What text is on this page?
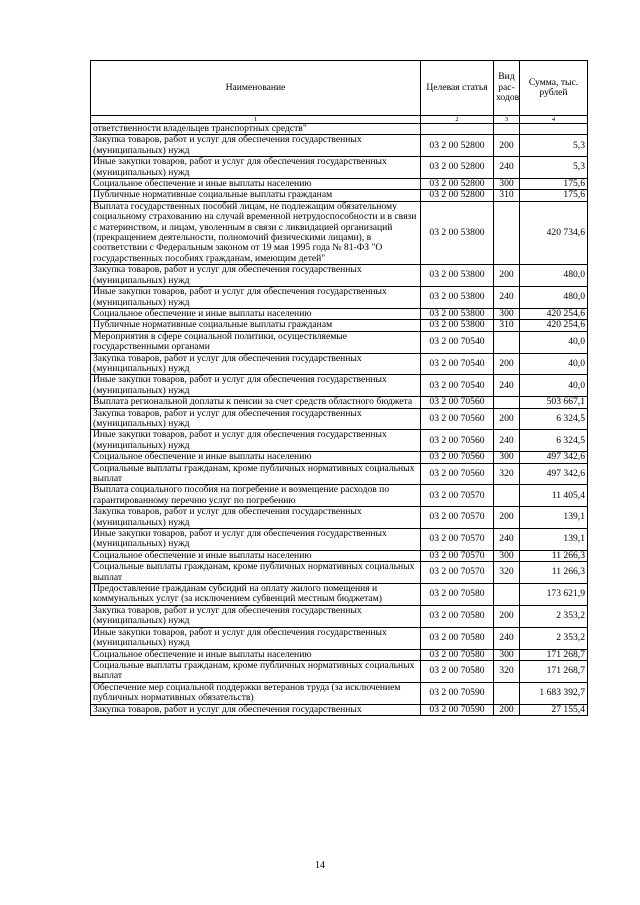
Наименование	Целевая статья	Вид рас-ходов	Сумма, тыс. рублей
1	2	3	4
ответственности владельцев транспортных средств"			
Закупка товаров, работ и услуг для обеспечения государственных (муниципальных) нужд	03 2 00 52800	200	5,3
Иные закупки товаров, работ и услуг для обеспечения государственных (муниципальных) нужд	03 2 00 52800	240	5,3
Социальное обеспечение и иные выплаты населению	03 2 00 52800	300	175,6
Публичные нормативные социальные выплаты гражданам	03 2 00 52800	310	175,6
Выплата государственных пособий лицам, не подлежащим обязательному социальному страхованию на случай временной нетрудоспособности и в связи с материнством, и лицам, уволенным в связи с ликвидацией организаций (прекращением деятельности, полномочий физическими лицами), в соответствии с Федеральным законом от 19 мая 1995 года № 81-ФЗ "О государственных пособиях гражданам, имеющим детей"	03 2 00 53800		420 734,6
Закупка товаров, работ и услуг для обеспечения государственных (муниципальных) нужд	03 2 00 53800	200	480,0
Иные закупки товаров, работ и услуг для обеспечения государственных (муниципальных) нужд	03 2 00 53800	240	480,0
Социальное обеспечение и иные выплаты населению	03 2 00 53800	300	420 254,6
Публичные нормативные социальные выплаты гражданам	03 2 00 53800	310	420 254,6
Мероприятия в сфере социальной политики, осуществляемые государственными органами	03 2 00 70540		40,0
Закупка товаров, работ и услуг для обеспечения государственных (муниципальных) нужд	03 2 00 70540	200	40,0
Иные закупки товаров, работ и услуг для обеспечения государственных (муниципальных) нужд	03 2 00 70540	240	40,0
Выплата региональной доплаты к пенсии за счет средств областного бюджета	03 2 00 70560		503 667,1
Закупка товаров, работ и услуг для обеспечения государственных (муниципальных) нужд	03 2 00 70560	200	6 324,5
Иные закупки товаров, работ и услуг для обеспечения государственных (муниципальных) нужд	03 2 00 70560	240	6 324,5
Социальное обеспечение и иные выплаты населению	03 2 00 70560	300	497 342,6
Социальные выплаты гражданам, кроме публичных нормативных социальных выплат	03 2 00 70560	320	497 342,6
Выплата социального пособия на погребение и возмещение расходов по гарантированному перечню услуг по погребению	03 2 00 70570		11 405,4
Закупка товаров, работ и услуг для обеспечения государственных (муниципальных) нужд	03 2 00 70570	200	139,1
Иные закупки товаров, работ и услуг для обеспечения государственных (муниципальных) нужд	03 2 00 70570	240	139,1
Социальное обеспечение и иные выплаты населению	03 2 00 70570	300	11 266,3
Социальные выплаты гражданам, кроме публичных нормативных социальных выплат	03 2 00 70570	320	11 266,3
Предоставление гражданам субсидий на оплату жилого помещения и коммунальных услуг (за исключением субвенций местным бюджетам)	03 2 00 70580		173 621,9
Закупка товаров, работ и услуг для обеспечения государственных (муниципальных) нужд	03 2 00 70580	200	2 353,2
Иные закупки товаров, работ и услуг для обеспечения государственных (муниципальных) нужд	03 2 00 70580	240	2 353,2
Социальное обеспечение и иные выплаты населению	03 2 00 70580	300	171 268,7
Социальные выплаты гражданам, кроме публичных нормативных социальных выплат	03 2 00 70580	320	171 268,7
Обеспечение мер социальной поддержки ветеранов труда (за исключением публичных нормативных обязательств)	03 2 00 70590		1 683 392,7
Закупка товаров, работ и услуг для обеспечения государственных	03 2 00 70590	200	27 155,4
14
